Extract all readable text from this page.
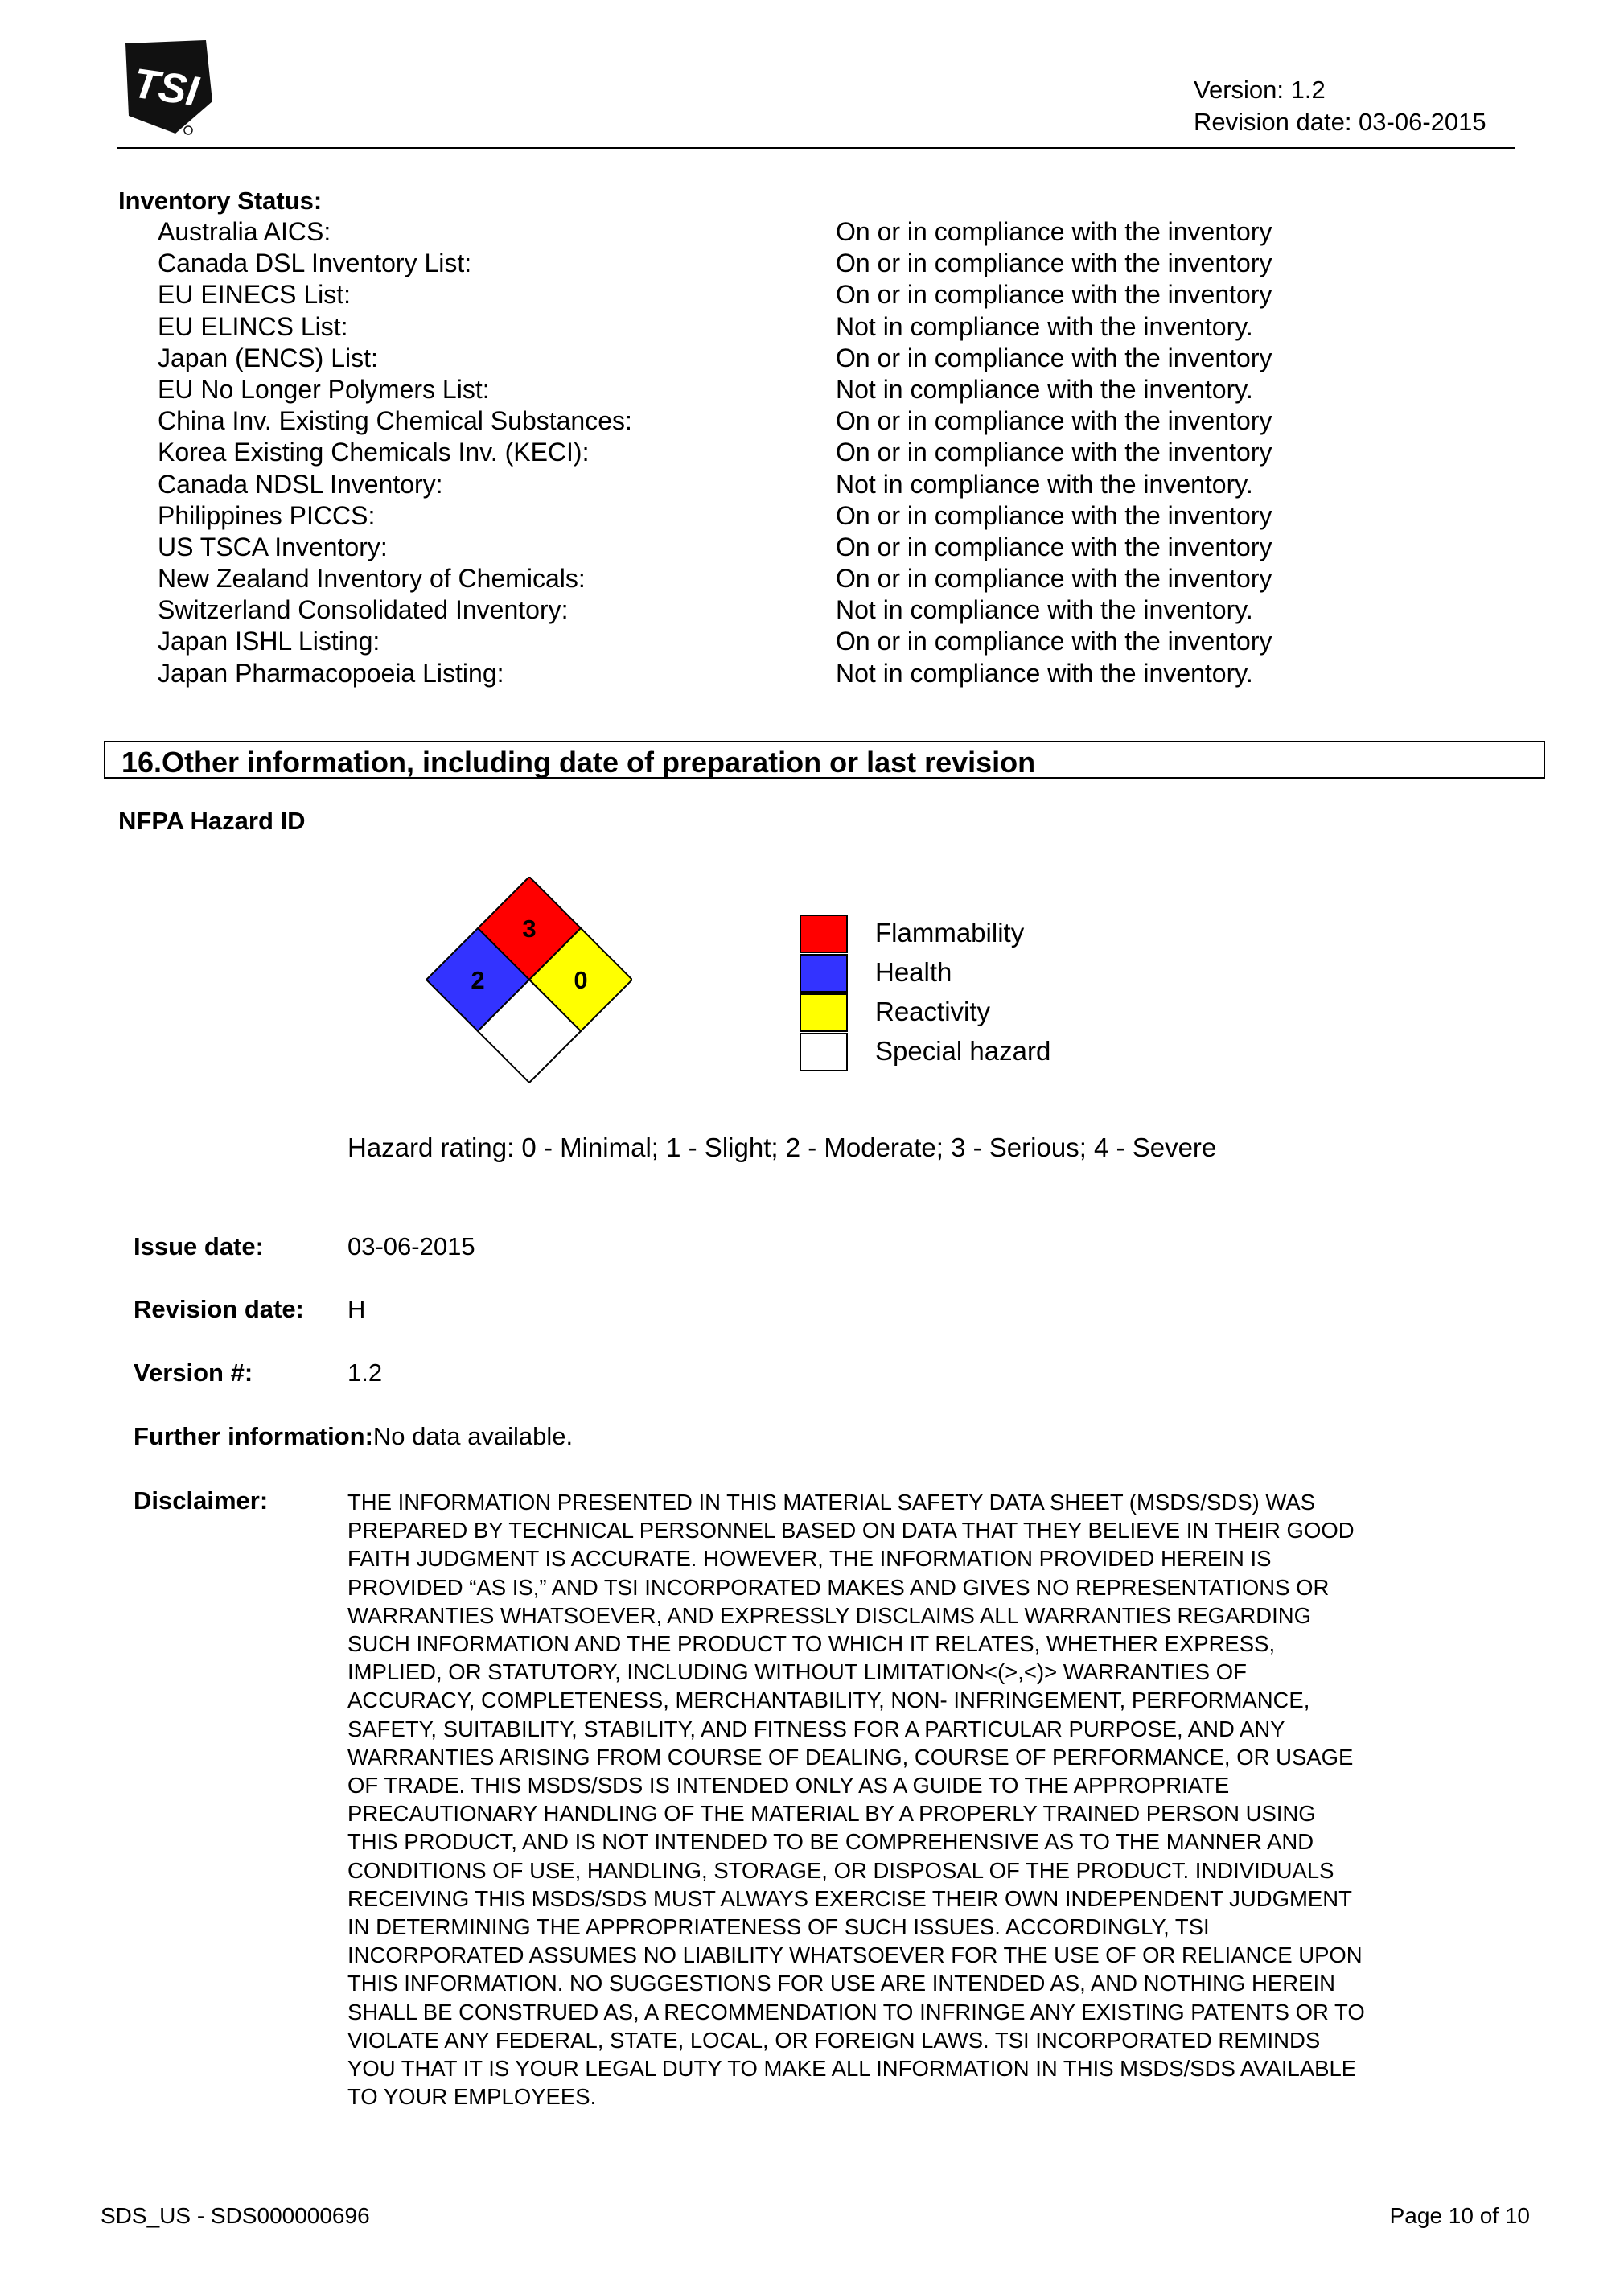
TSI	Version: 1.2
Revision date: 03-06-2015
Inventory Status:
Australia AICS:	On or in compliance with the inventory
Canada DSL Inventory List:	On or in compliance with the inventory
EU EINECS List:	On or in compliance with the inventory
EU ELINCS List:	Not in compliance with the inventory.
Japan (ENCS) List:	On or in compliance with the inventory
EU No Longer Polymers List:	Not in compliance with the inventory.
China Inv. Existing Chemical Substances:	On or in compliance with the inventory
Korea Existing Chemicals Inv. (KECI):	On or in compliance with the inventory
Canada NDSL Inventory:	Not in compliance with the inventory.
Philippines PICCS:	On or in compliance with the inventory
US TSCA Inventory:	On or in compliance with the inventory
New Zealand Inventory of Chemicals:	On or in compliance with the inventory
Switzerland Consolidated Inventory:	Not in compliance with the inventory.
Japan ISHL Listing:	On or in compliance with the inventory
Japan Pharmacopoeia Listing:	Not in compliance with the inventory.
16.Other information, including date of preparation or last revision
NFPA Hazard ID
3
2	0
Flammability
Health
Reactivity
Special hazard
Hazard rating: 0 - Minimal; 1 - Slight; 2 - Moderate; 3 - Serious; 4 - Severe
Issue date:	03-06-2015
Revision date: H
Version #:	1.2
Further information:No data available.
Disclaimer:	THE INFORMATION PRESENTED IN THIS MATERIAL SAFETY DATA SHEET (MSDS/SDS) WAS
PREPARED BY TECHNICAL PERSONNEL BASED ON DATA THAT THEY BELIEVE IN THEIR GOOD
FAITH JUDGMENT IS ACCURATE. HOWEVER, THE INFORMATION PROVIDED HEREIN IS
PROVIDED “AS IS,” AND TSI INCORPORATED MAKES AND GIVES NO REPRESENTATIONS OR
WARRANTIES WHATSOEVER, AND EXPRESSLY DISCLAIMS ALL WARRANTIES REGARDING
SUCH INFORMATION AND THE PRODUCT TO WHICH IT RELATES, WHETHER EXPRESS,
IMPLIED, OR STATUTORY, INCLUDING WITHOUT LIMITATION<(>,<)> WARRANTIES OF
ACCURACY, COMPLETENESS, MERCHANTABILITY, NON- INFRINGEMENT, PERFORMANCE,
SAFETY, SUITABILITY, STABILITY, AND FITNESS FOR A PARTICULAR PURPOSE, AND ANY
WARRANTIES ARISING FROM COURSE OF DEALING, COURSE OF PERFORMANCE, OR USAGE
OF TRADE. THIS MSDS/SDS IS INTENDED ONLY AS A GUIDE TO THE APPROPRIATE
PRECAUTIONARY HANDLING OF THE MATERIAL BY A PROPERLY TRAINED PERSON USING
THIS PRODUCT, AND IS NOT INTENDED TO BE COMPREHENSIVE AS TO THE MANNER AND
CONDITIONS OF USE, HANDLING, STORAGE, OR DISPOSAL OF THE PRODUCT. INDIVIDUALS
RECEIVING THIS MSDS/SDS MUST ALWAYS EXERCISE THEIR OWN INDEPENDENT JUDGMENT
IN DETERMINING THE APPROPRIATENESS OF SUCH ISSUES. ACCORDINGLY, TSI
INCORPORATED ASSUMES NO LIABILITY WHATSOEVER FOR THE USE OF OR RELIANCE UPON
THIS INFORMATION. NO SUGGESTIONS FOR USE ARE INTENDED AS, AND NOTHING HEREIN
SHALL BE CONSTRUED AS, A RECOMMENDATION TO INFRINGE ANY EXISTING PATENTS OR TO
VIOLATE ANY FEDERAL, STATE, LOCAL, OR FOREIGN LAWS. TSI INCORPORATED REMINDS
YOU THAT IT IS YOUR LEGAL DUTY TO MAKE ALL INFORMATION IN THIS MSDS/SDS AVAILABLE
TO YOUR EMPLOYEES.
SDS_US - SDS000000696	Page 10 of 10
